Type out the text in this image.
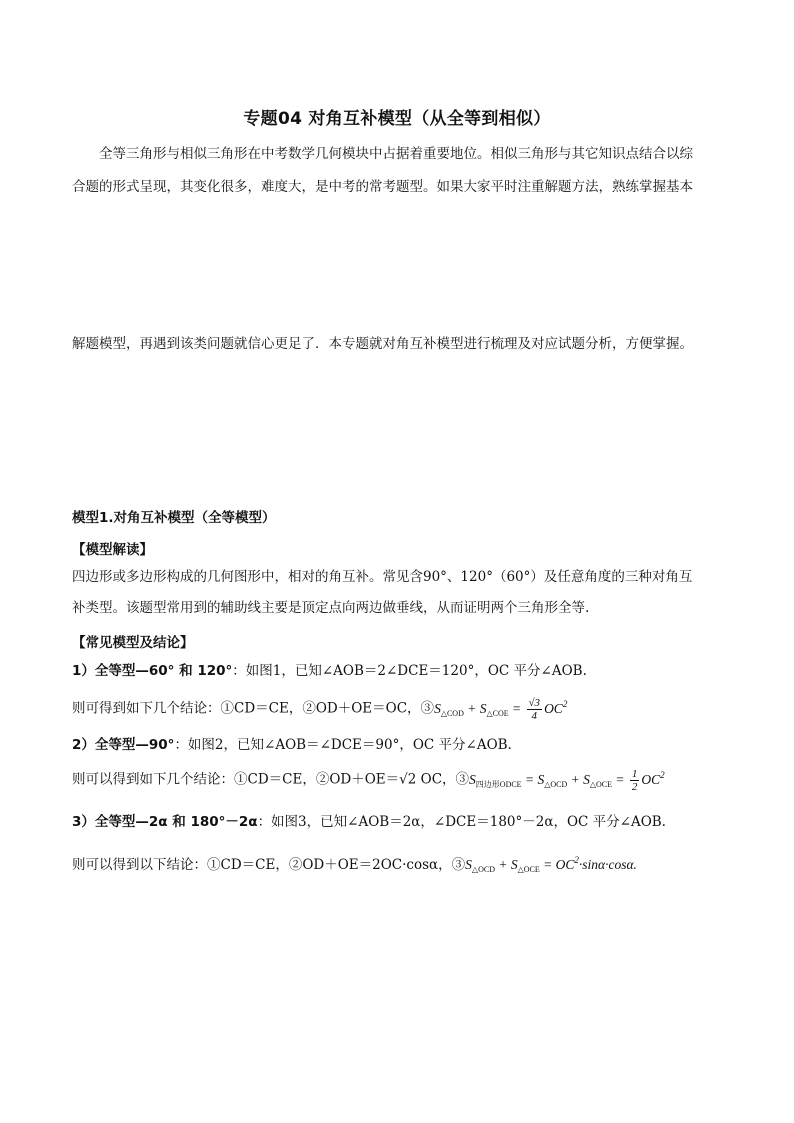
专题04 对角互补模型（从全等到相似）
全等三角形与相似三角形在中考数学几何模块中占据着重要地位。相似三角形与其它知识点结合以综
合题的形式呈现，其变化很多，难度大，是中考的常考题型。如果大家平时注重解题方法，熟练掌握基本
解题模型，再遇到该类问题就信心更足了．本专题就对角互补模型进行梳理及对应试题分析，方便掌握。
模型1.对角互补模型（全等模型）
【模型解读】
四边形或多边形构成的几何图形中，相对的角互补。常见含90°、120°（60°）及任意角度的三种对角互
补类型。该题型常用到的辅助线主要是顶定点向两边做垂线，从而证明两个三角形全等.
【常见模型及结论】
1）全等型—60° 和 120°：如图1，已知∠AOB＝2∠DCE＝120°，OC 平分∠AOB.
则可得到如下几个结论：①CD＝CE，②OD＋OE＝OC，$③S_{\triangle COD} + S_{\triangle COE} = \frac{√3}{4} OC^2$
2）全等型—90°：如图2，已知∠AOB＝∠DCE＝90°，OC 平分∠AOB.
则可以得到如下几个结论：①CD＝CE，②OD＋OE＝√2 OC，$③S_{四边形ODCE} = S_{\triangle OCD} + S_{\triangle OCE} = \frac{1}{2} OC^2$
3）全等型—2α 和 180°－2α：如图3，已知∠AOB＝2α，∠DCE＝180°－2α，OC 平分∠AOB.
则可以得到以下结论：①CD＝CE，②OD＋OE＝2OC·cosα，$③S_{\triangle OCD} + S_{\triangle OCE} = OC^2\cdot\sin\alpha\cdot\cos\alpha$.
